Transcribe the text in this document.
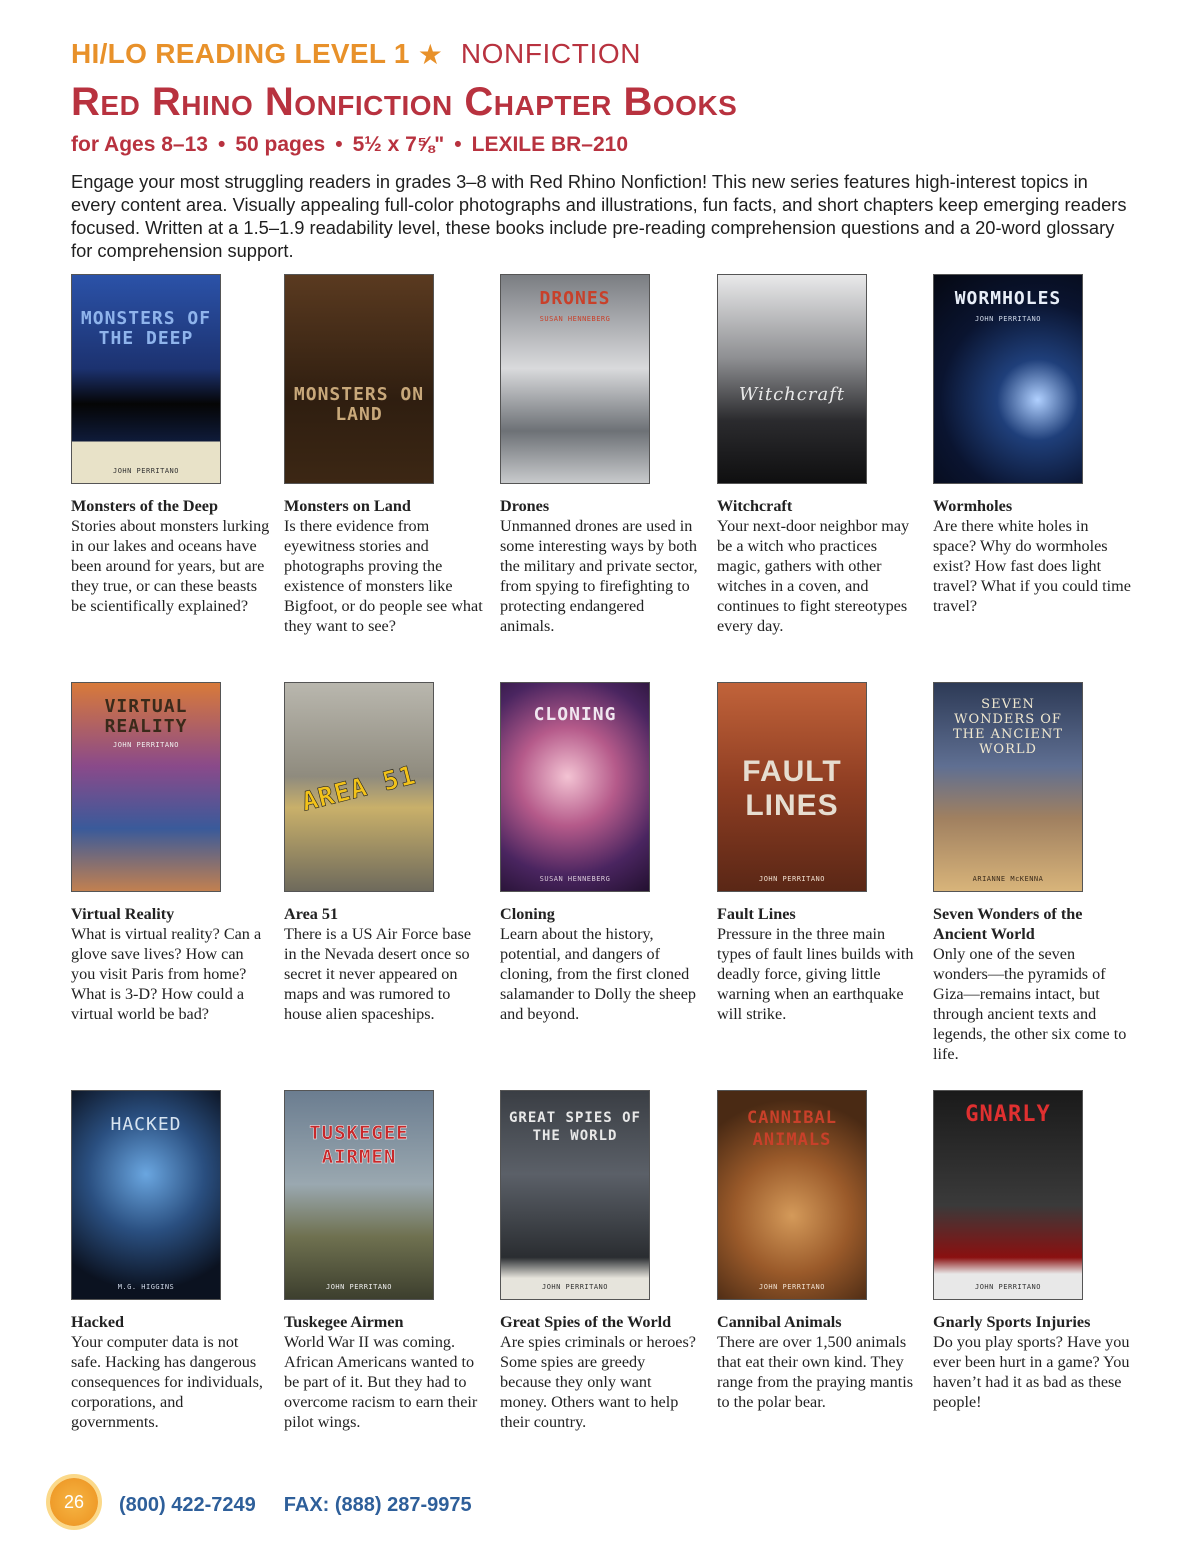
HI/LO READING LEVEL 1 ★ NONFICTION
Red Rhino Nonfiction Chapter Books
for Ages 8–13 • 50 pages • 5½ x 7⅝" • LEXILE BR–210

Engage your most struggling readers in grades 3–8 with Red Rhino Nonfiction! This new series features high-interest topics in every content area. Visually appealing full-color photographs and illustrations, fun facts, and short chapters keep emerging readers focused. Written at a 1.5–1.9 readability level, these books include pre-reading comprehension questions and a 20-word glossary for comprehension support.

MONSTERS OF THE DEEP
JOHN PERRITANO
Monsters of the Deep
Stories about monsters lurking in our lakes and oceans have been around for years, but are they true, or can these beasts be scientifically explained?
MONSTERS ON LAND
Monsters on Land
Is there evidence from eyewitness stories and photographs proving the existence of monsters like Bigfoot, or do people see what they want to see?
DRONES
SUSAN HENNEBERG
Drones
Unmanned drones are used in some interesting ways by both the military and private sector, from spying to firefighting to protecting endangered animals.
Witchcraft
Witchcraft
Your next-door neighbor may be a witch who practices magic, gathers with other witches in a coven, and continues to fight stereotypes every day.
WORMHOLES
JOHN PERRITANO
Wormholes
Are there white holes in space? Why do wormholes exist? How fast does light travel? What if you could time travel?
VIRTUAL REALITY
JOHN PERRITANO
Virtual Reality
What is virtual reality? Can a glove save lives? How can you visit Paris from home? What is 3-D? How could a virtual world be bad?
AREA 51
Area 51
There is a US Air Force base in the Nevada desert once so secret it never appeared on maps and was rumored to house alien spaceships.
CLONING
SUSAN HENNEBERG
Cloning
Learn about the history, potential, and dangers of cloning, from the first cloned salamander to Dolly the sheep and beyond.
FAULT LINES
JOHN PERRITANO
Fault Lines
Pressure in the three main types of fault lines builds with deadly force, giving little warning when an earthquake will strike.
SEVEN WONDERS OF THE ANCIENT WORLD
ARIANNE McKENNA
Seven Wonders of the Ancient World
Only one of the seven wonders—the pyramids of Giza—remains intact, but through ancient texts and legends, the other six come to life.
HACKED
M.G. HIGGINS
Hacked
Your computer data is not safe. Hacking has dangerous consequences for individuals, corporations, and governments.
TUSKEGEE AIRMEN
JOHN PERRITANO
Tuskegee Airmen
World War II was coming. African Americans wanted to be part of it. But they had to overcome racism to earn their pilot wings.
GREAT SPIES OF THE WORLD
JOHN PERRITANO
Great Spies of the World
Are spies criminals or heroes? Some spies are greedy because they only want money. Others want to help their country.
CANNIBAL ANIMALS
JOHN PERRITANO
Cannibal Animals
There are over 1,500 animals that eat their own kind. They range from the praying mantis to the polar bear.
GNARLY
JOHN PERRITANO
Gnarly Sports Injuries
Do you play sports? Have you ever been hurt in a game? You haven’t had it as bad as these people!
26 (800) 422-7249 FAX: (888) 287-9975
